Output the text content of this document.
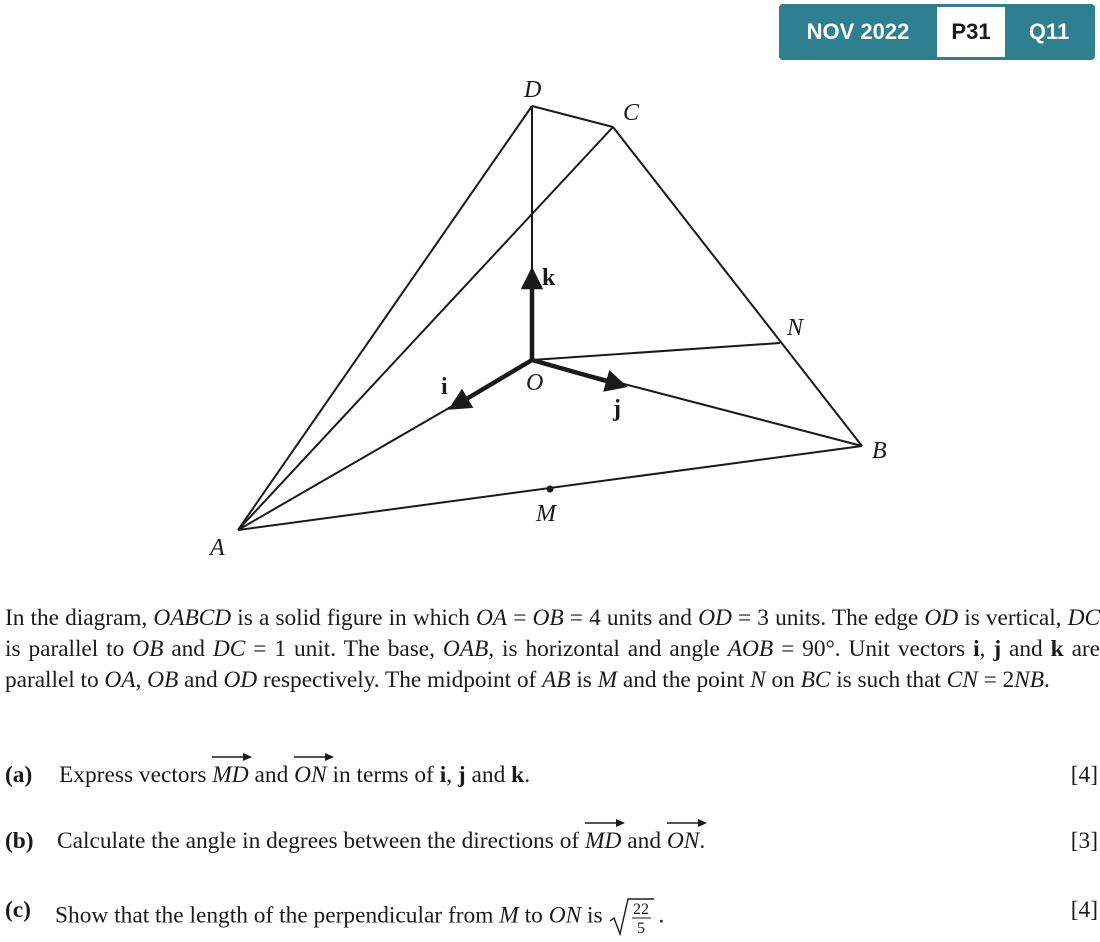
NOV 2022	P31	Q11
D
C
N
O
B
M
A
i
j
k
In the diagram, OABCD is a solid figure in which OA = OB = 4 units and OD = 3 units. The edge OD is vertical, DC is parallel to OB and DC = 1 unit. The base, OAB, is horizontal and angle AOB = 90°. Unit vectors i, j and k are parallel to OA, OB and OD respectively. The midpoint of AB is M and the point N on BC is such that CN = 2NB.
(a) Express vectors
MD and
ON in terms of i, j and k.	[4]
(b) Calculate the angle in degrees between the directions of
MD and
ON.	[3]
(c) Show that the length of the perpendicular from M to ON is 22
5
.	[4]
